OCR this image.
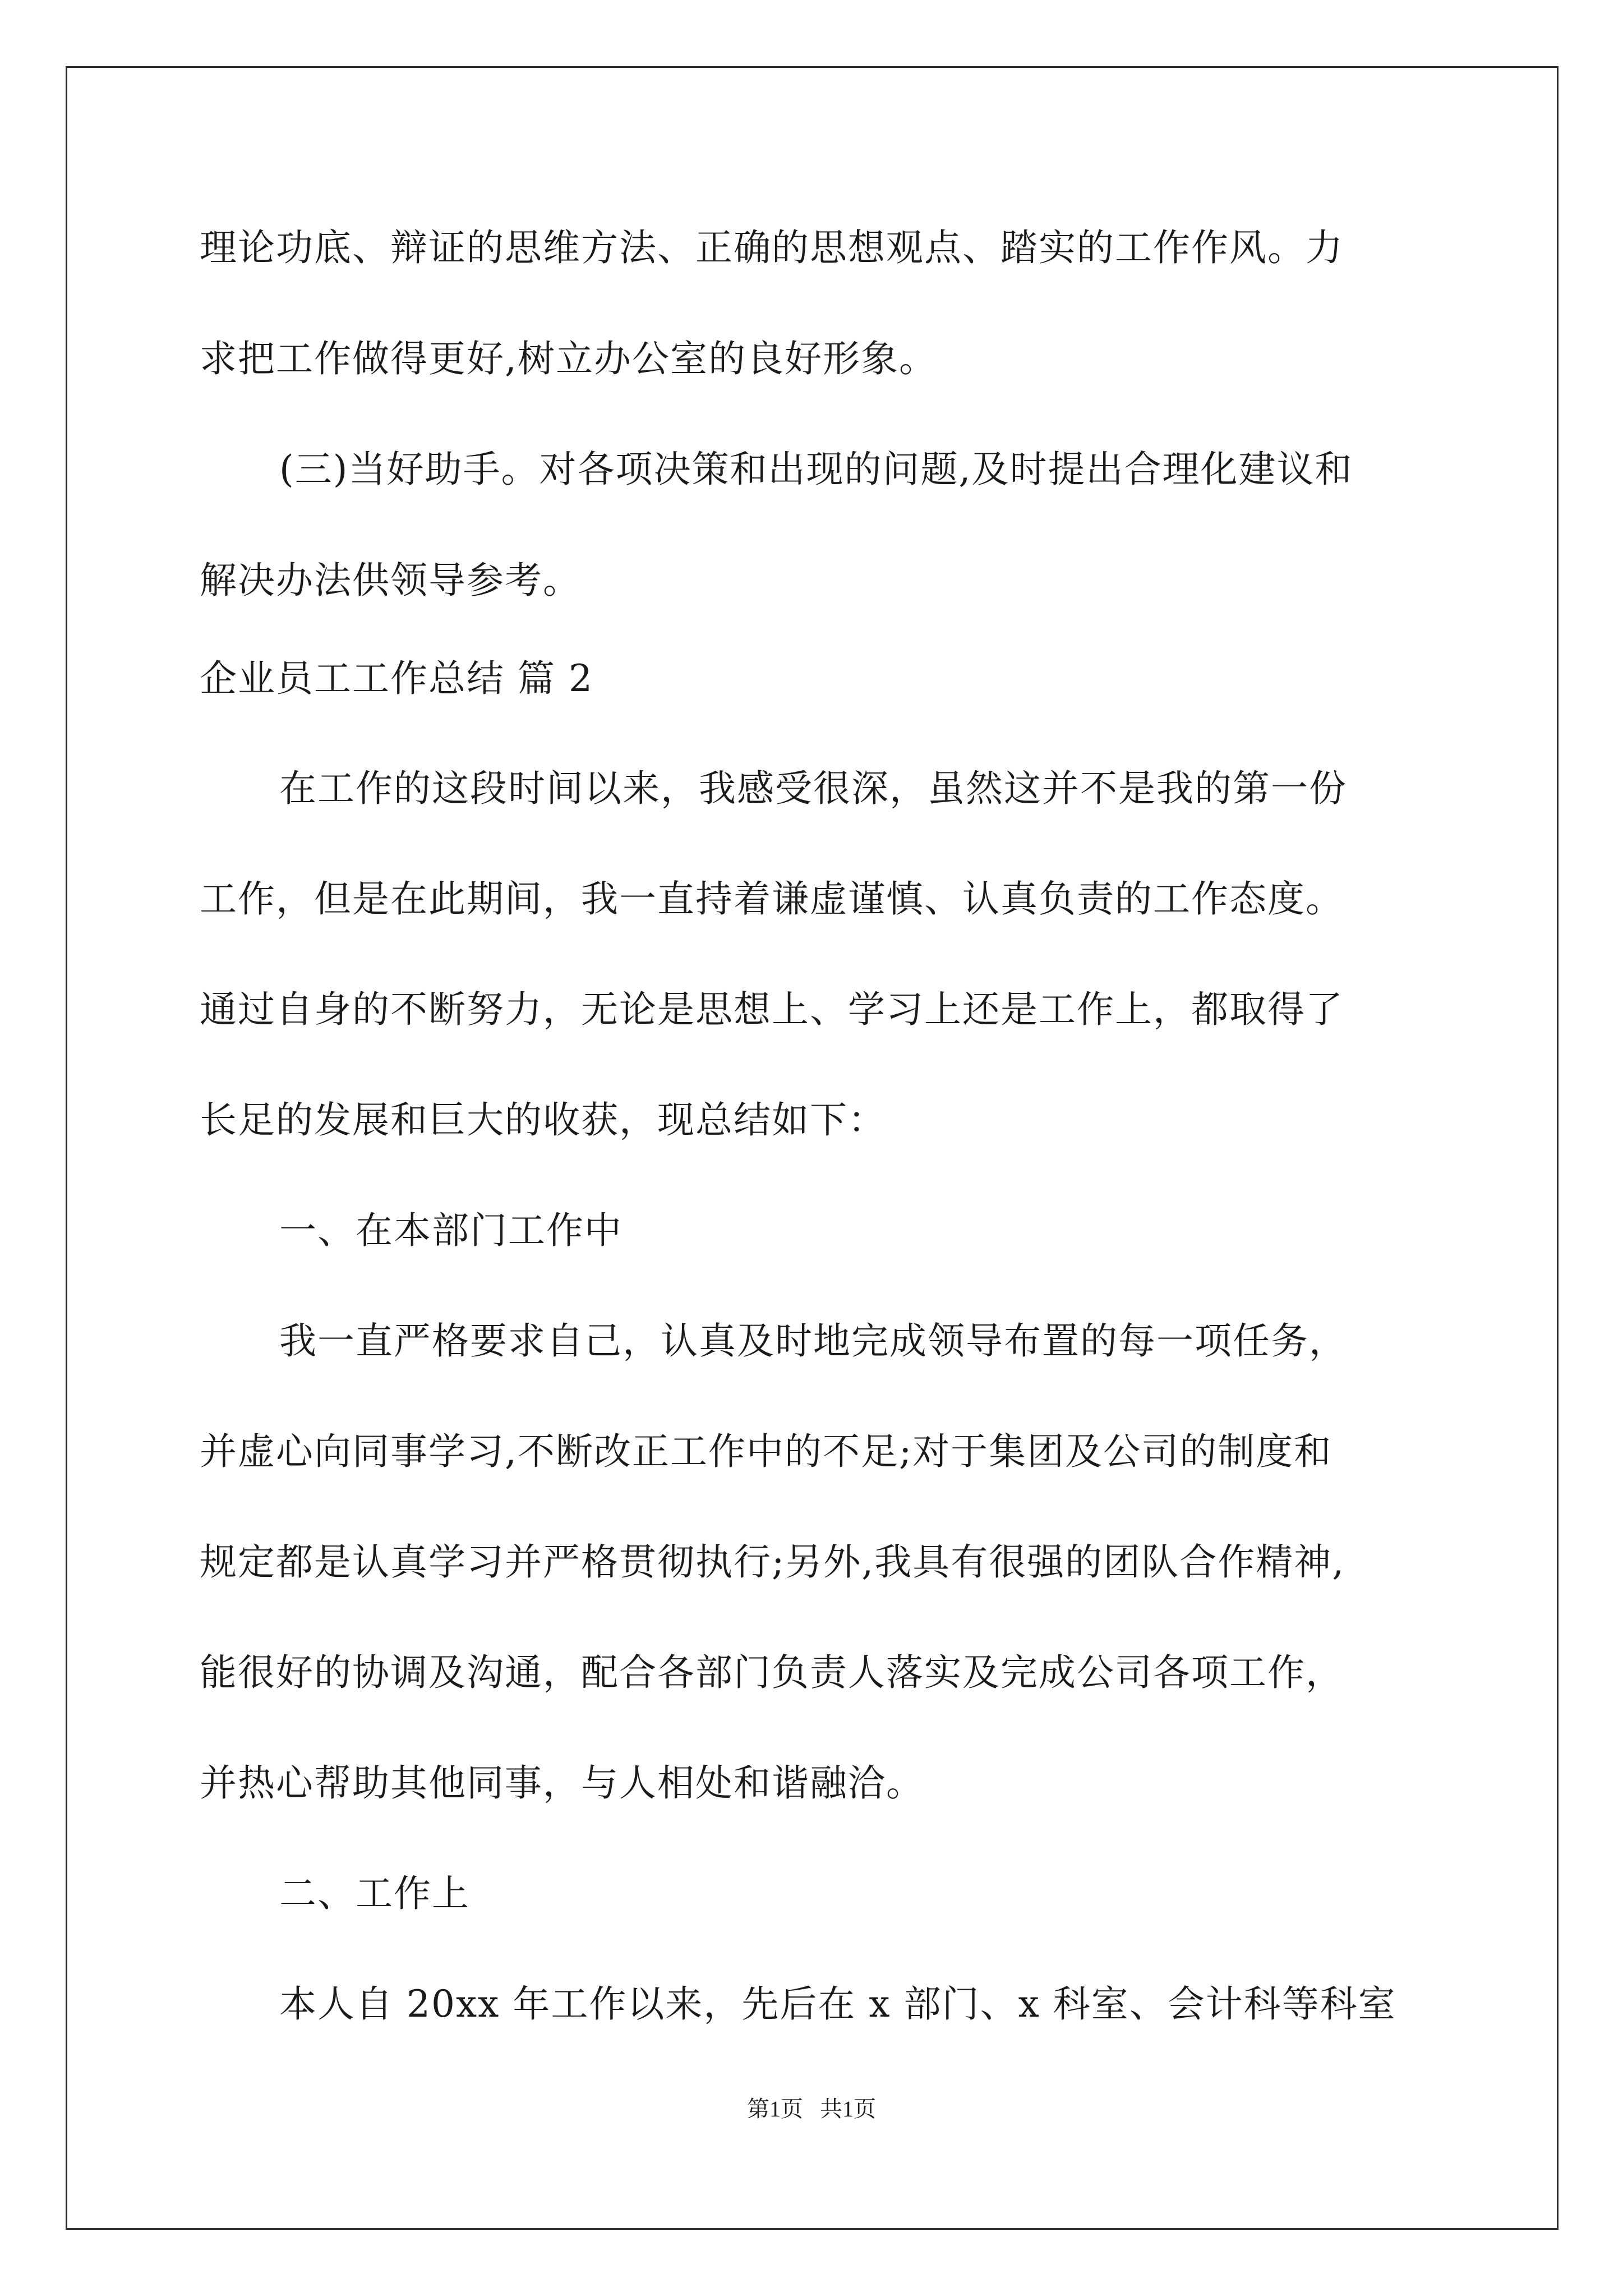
理论功底、辩证的思维方法、正确的思想观点、踏实的工作作风。力
求把工作做得更好,树立办公室的良好形象。
(三)当好助手。对各项决策和出现的问题,及时提出合理化建议和
解决办法供领导参考。
企业员工工作总结 篇 2
在工作的这段时间以来，我感受很深，虽然这并不是我的第一份
工作，但是在此期间，我一直持着谦虚谨慎、认真负责的工作态度。
通过自身的不断努力，无论是思想上、学习上还是工作上，都取得了
长足的发展和巨大的收获，现总结如下：
一、在本部门工作中
我一直严格要求自己，认真及时地完成领导布置的每一项任务，
并虚心向同事学习,不断改正工作中的不足;对于集团及公司的制度和
规定都是认真学习并严格贯彻执行;另外,我具有很强的团队合作精神,
能很好的协调及沟通，配合各部门负责人落实及完成公司各项工作，
并热心帮助其他同事，与人相处和谐融洽。
二、工作上
本人自 20xx 年工作以来，先后在 x 部门、x 科室、会计科等科室
第1页   共1页
